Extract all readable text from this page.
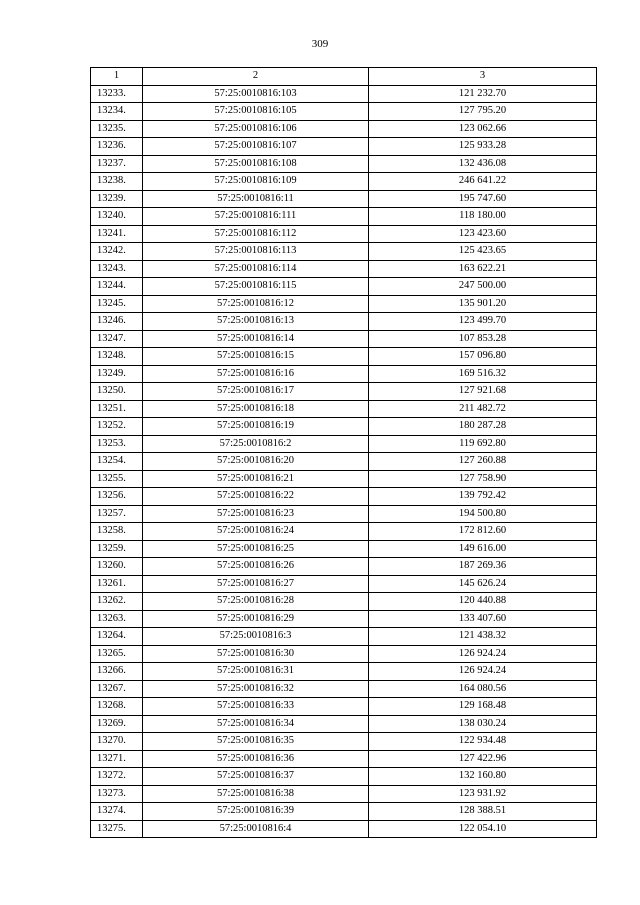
309
1	2	3
13233.	57:25:0010816:103	121 232.70
13234.	57:25:0010816:105	127 795.20
13235.	57:25:0010816:106	123 062.66
13236.	57:25:0010816:107	125 933.28
13237.	57:25:0010816:108	132 436.08
13238.	57:25:0010816:109	246 641.22
13239.	57:25:0010816:11	195 747.60
13240.	57:25:0010816:111	118 180.00
13241.	57:25:0010816:112	123 423.60
13242.	57:25:0010816:113	125 423.65
13243.	57:25:0010816:114	163 622.21
13244.	57:25:0010816:115	247 500.00
13245.	57:25:0010816:12	135 901.20
13246.	57:25:0010816:13	123 499.70
13247.	57:25:0010816:14	107 853.28
13248.	57:25:0010816:15	157 096.80
13249.	57:25:0010816:16	169 516.32
13250.	57:25:0010816:17	127 921.68
13251.	57:25:0010816:18	211 482.72
13252.	57:25:0010816:19	180 287.28
13253.	57:25:0010816:2	119 692.80
13254.	57:25:0010816:20	127 260.88
13255.	57:25:0010816:21	127 758.90
13256.	57:25:0010816:22	139 792.42
13257.	57:25:0010816:23	194 500.80
13258.	57:25:0010816:24	172 812.60
13259.	57:25:0010816:25	149 616.00
13260.	57:25:0010816:26	187 269.36
13261.	57:25:0010816:27	145 626.24
13262.	57:25:0010816:28	120 440.88
13263.	57:25:0010816:29	133 407.60
13264.	57:25:0010816:3	121 438.32
13265.	57:25:0010816:30	126 924.24
13266.	57:25:0010816:31	126 924.24
13267.	57:25:0010816:32	164 080.56
13268.	57:25:0010816:33	129 168.48
13269.	57:25:0010816:34	138 030.24
13270.	57:25:0010816:35	122 934.48
13271.	57:25:0010816:36	127 422.96
13272.	57:25:0010816:37	132 160.80
13273.	57:25:0010816:38	123 931.92
13274.	57:25:0010816:39	128 388.51
13275.	57:25:0010816:4	122 054.10
